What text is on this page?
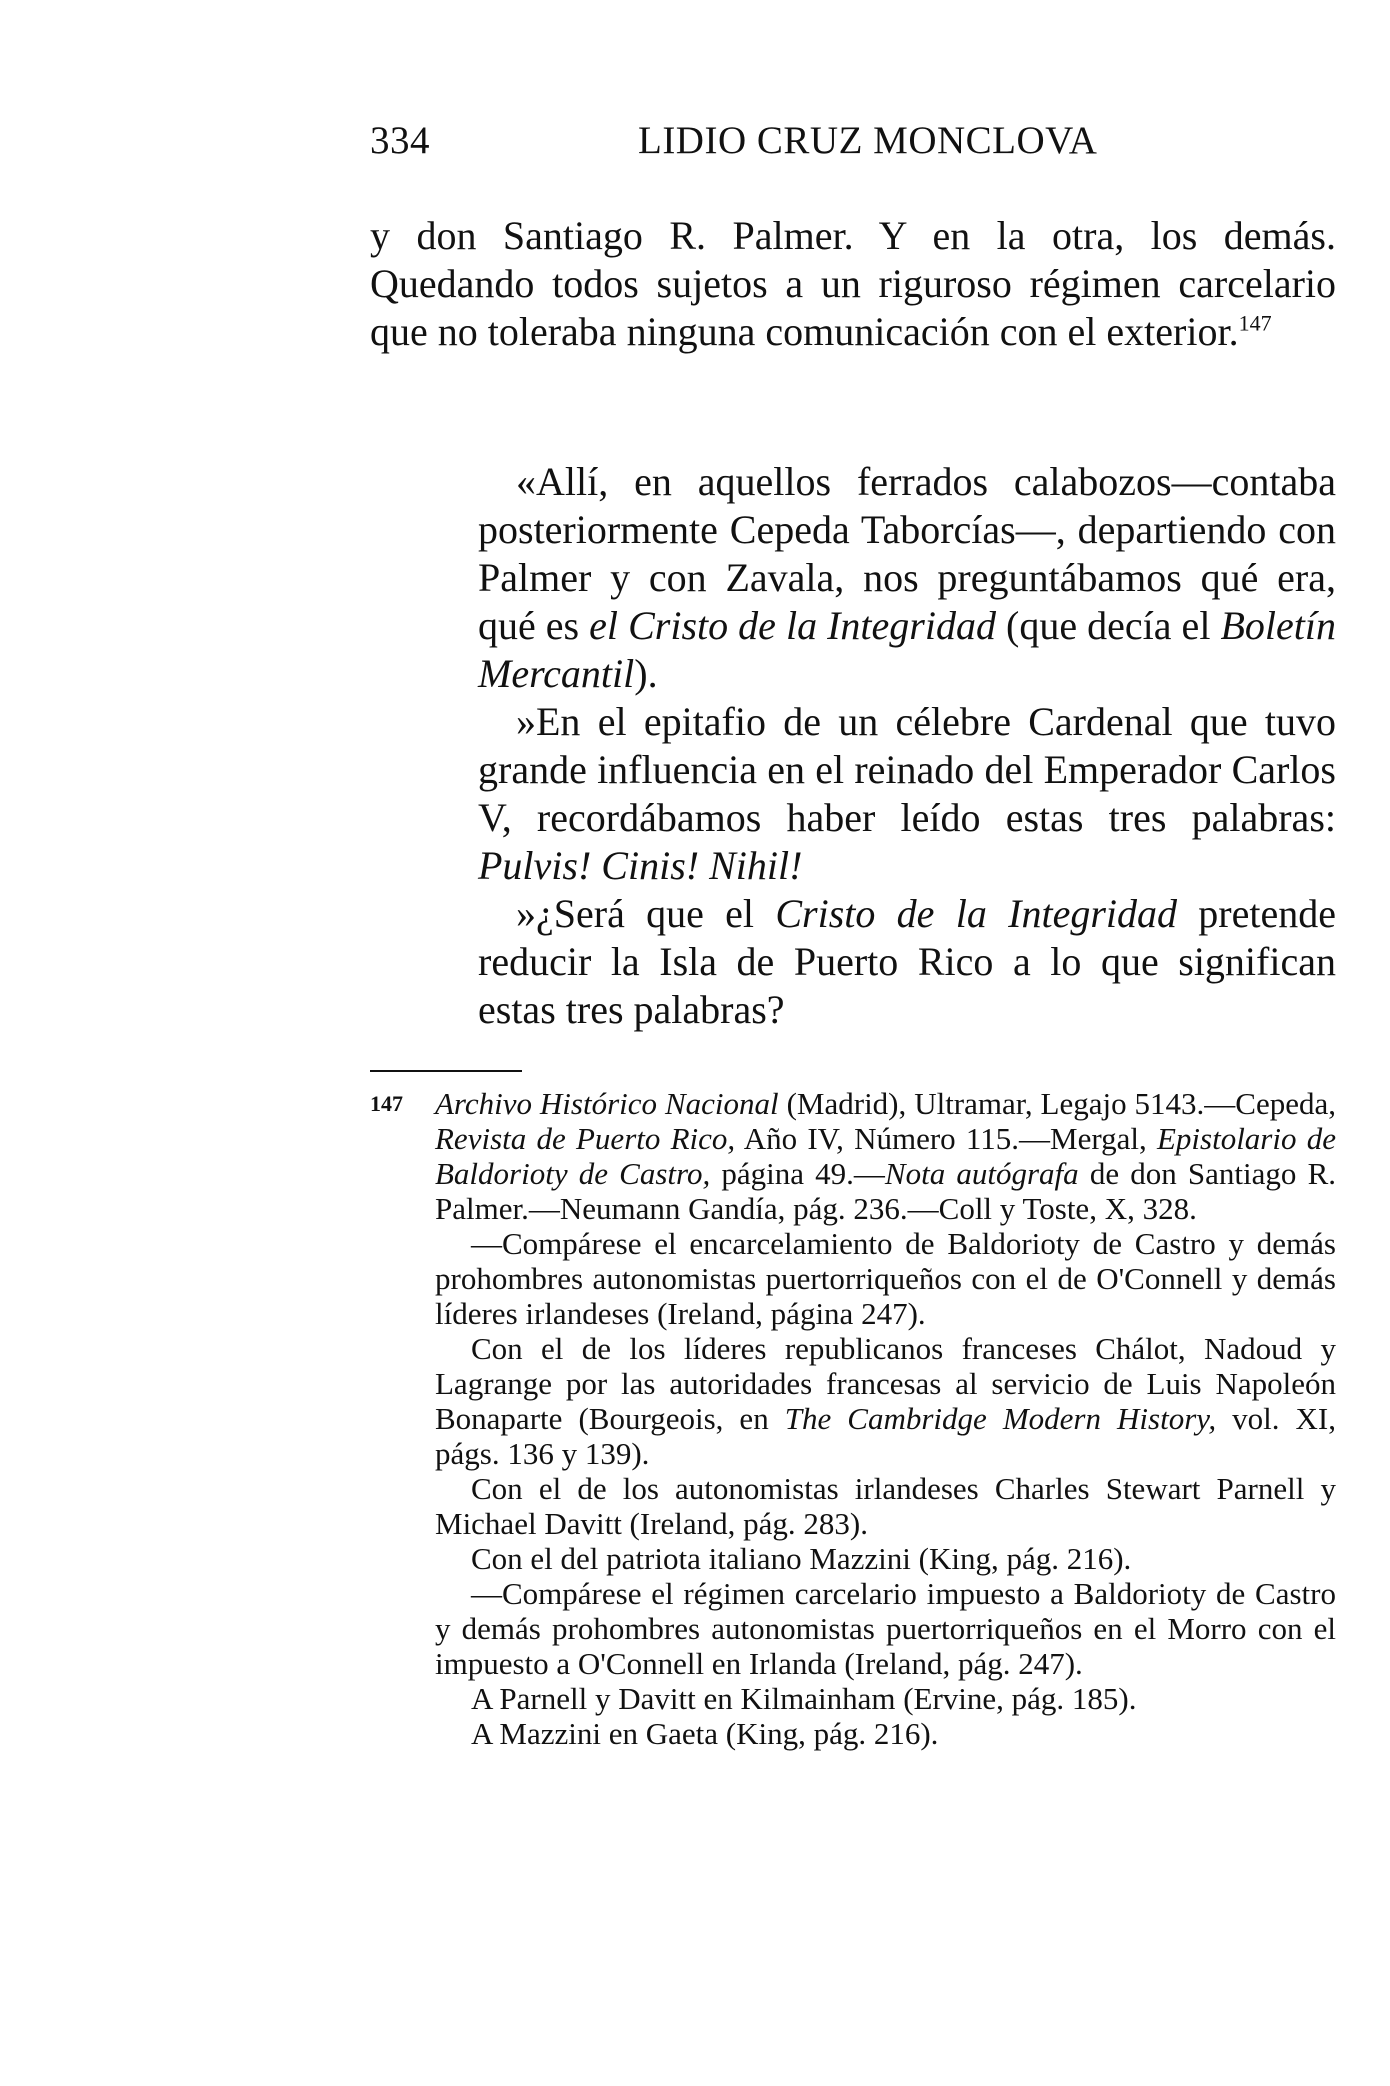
334	LIDIO CRUZ MONCLOVA

y don Santiago R. Palmer. Y en la otra, los demás. Quedando todos sujetos a un riguroso régimen carcelario que no toleraba ninguna comunicación con el exterior.$^{147}$

«Allí, en aquellos ferrados calabozos—contaba posteriormente Cepeda Taborcías—, departiendo con Palmer y con Zavala, nos preguntábamos qué era, qué es el Cristo de la Integridad (que decía el Boletín Mercantil).

»En el epitafio de un célebre Cardenal que tuvo grande influencia en el reinado del Emperador Carlos V, recordábamos haber leído estas tres palabras: Pulvis! Cinis! Nihil!

»¿Será que el Cristo de la Integridad pretende reducir la Isla de Puerto Rico a lo que significan estas tres palabras?

147 Archivo Histórico Nacional (Madrid), Ultramar, Legajo 5143.—Cepeda, Revista de Puerto Rico, Año IV, Número 115.—Mergal, Epistolario de Baldorioty de Castro, página 49.—Nota autógrafa de don Santiago R. Palmer.—Neumann Gandía, pág. 236.—Coll y Toste, X, 328.

—Compárese el encarcelamiento de Baldorioty de Castro y demás prohombres autonomistas puertorriqueños con el de O'Connell y demás líderes irlandeses (Ireland, página 247).

Con el de los líderes republicanos franceses Chálot, Nadoud y Lagrange por las autoridades francesas al servicio de Luis Napoleón Bonaparte (Bourgeois, en The Cambridge Modern History, vol. XI, págs. 136 y 139).

Con el de los autonomistas irlandeses Charles Stewart Parnell y Michael Davitt (Ireland, pág. 283).

Con el del patriota italiano Mazzini (King, pág. 216).

—Compárese el régimen carcelario impuesto a Baldorioty de Castro y demás prohombres autonomistas puertorriqueños en el Morro con el impuesto a O'Connell en Irlanda (Ireland, pág. 247).

A Parnell y Davitt en Kilmainham (Ervine, pág. 185).

A Mazzini en Gaeta (King, pág. 216).
